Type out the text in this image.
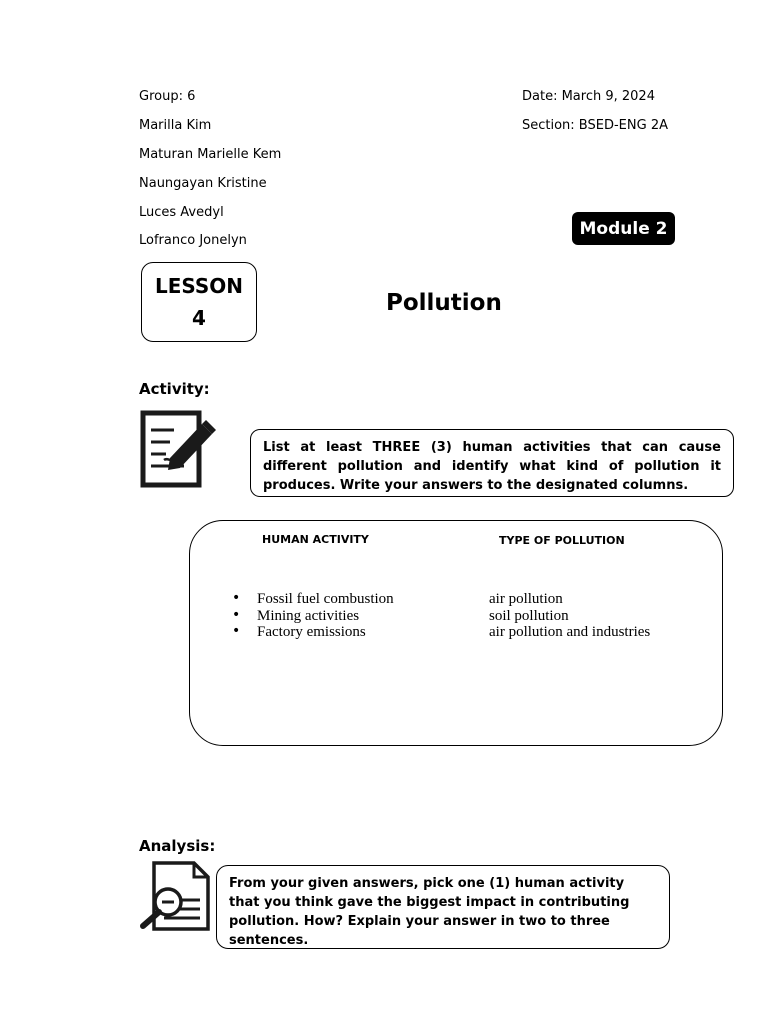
Group: 6
Marilla Kim
Maturan Marielle Kem
Naungayan Kristine
Luces Avedyl
Lofranco Jonelyn
Date: March 9, 2024
Section: BSED-ENG 2A
Module 2
LESSON
4
Pollution
Activity:
List at least THREE (3) human activities that can cause different pollution and identify what kind of pollution it produces. Write your answers to the designated columns.
HUMAN ACTIVITY	TYPE OF POLLUTION
• Fossil fuel combustion	air pollution
• Mining activities	soil pollution
• Factory emissions	air pollution and industries
Analysis:
From your given answers, pick one (1) human activity that you think gave the biggest impact in contributing pollution. How? Explain your answer in two to three sentences.
